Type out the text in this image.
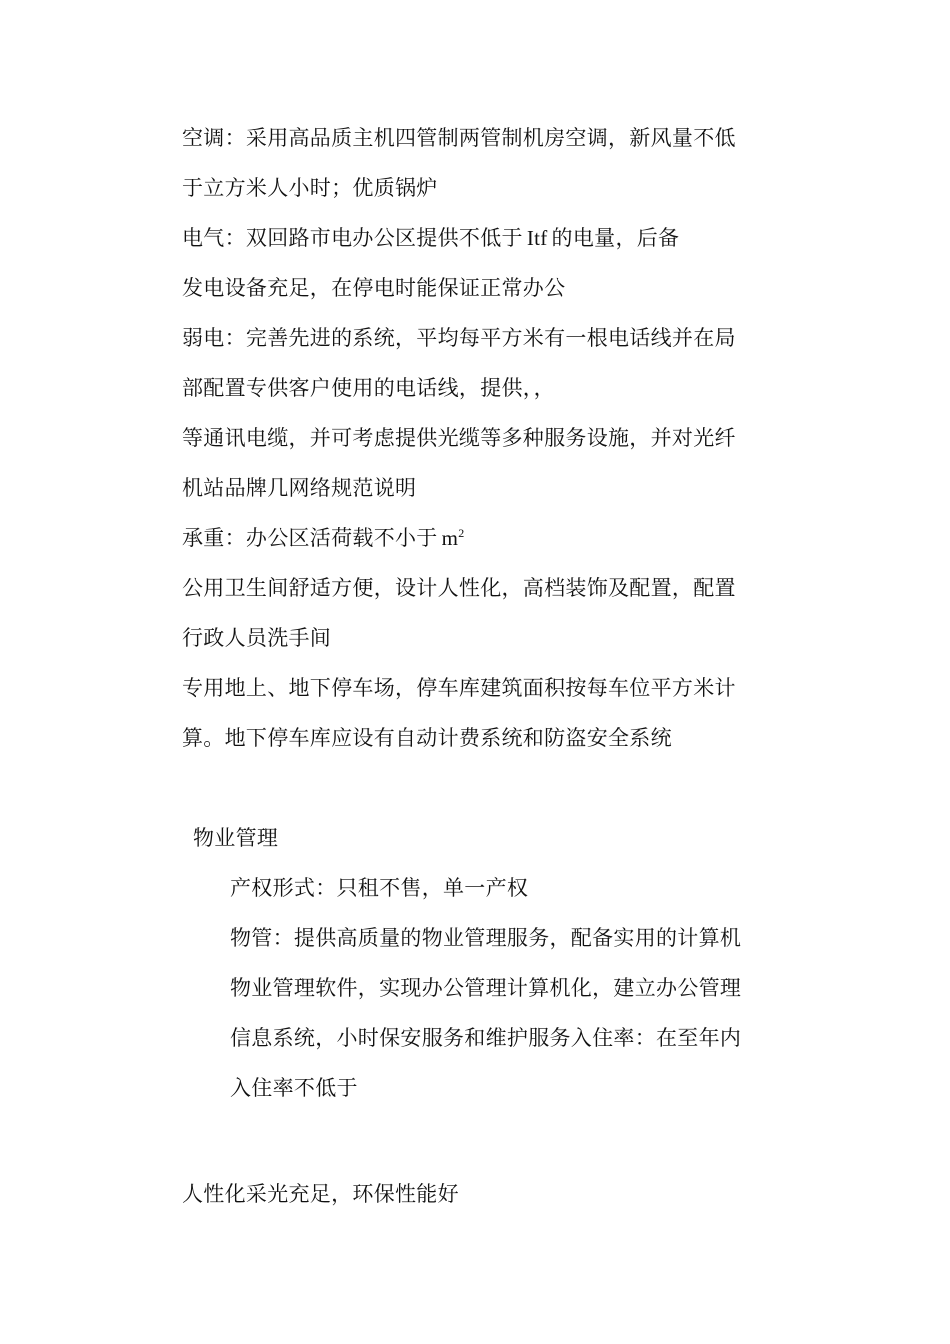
空调：采用高品质主机四管制两管制机房空调，新风量不低
于立方米人小时；优质锅炉
电气：双回路市电办公区提供不低于 Itf 的电量，后备
发电设备充足，在停电时能保证正常办公
弱电：完善先进的系统，平均每平方米有一根电话线并在局
部配置专供客户使用的电话线，提供，，
等通讯电缆，并可考虑提供光缆等多种服务设施，并对光纤
机站品牌几网络规范说明
承重：办公区活荷载不小于 $m^2$
公用卫生间舒适方便，设计人性化，高档装饰及配置，配置
行政人员洗手间
专用地上、地下停车场，停车库建筑面积按每车位平方米计
算。地下停车库应设有自动计费系统和防盗安全系统
物业管理
产权形式：只租不售，单一产权
物管：提供高质量的物业管理服务，配备实用的计算机
物业管理软件，实现办公管理计算机化，建立办公管理
信息系统，小时保安服务和维护服务入住率：在至年内
入住率不低于
人性化采光充足，环保性能好
